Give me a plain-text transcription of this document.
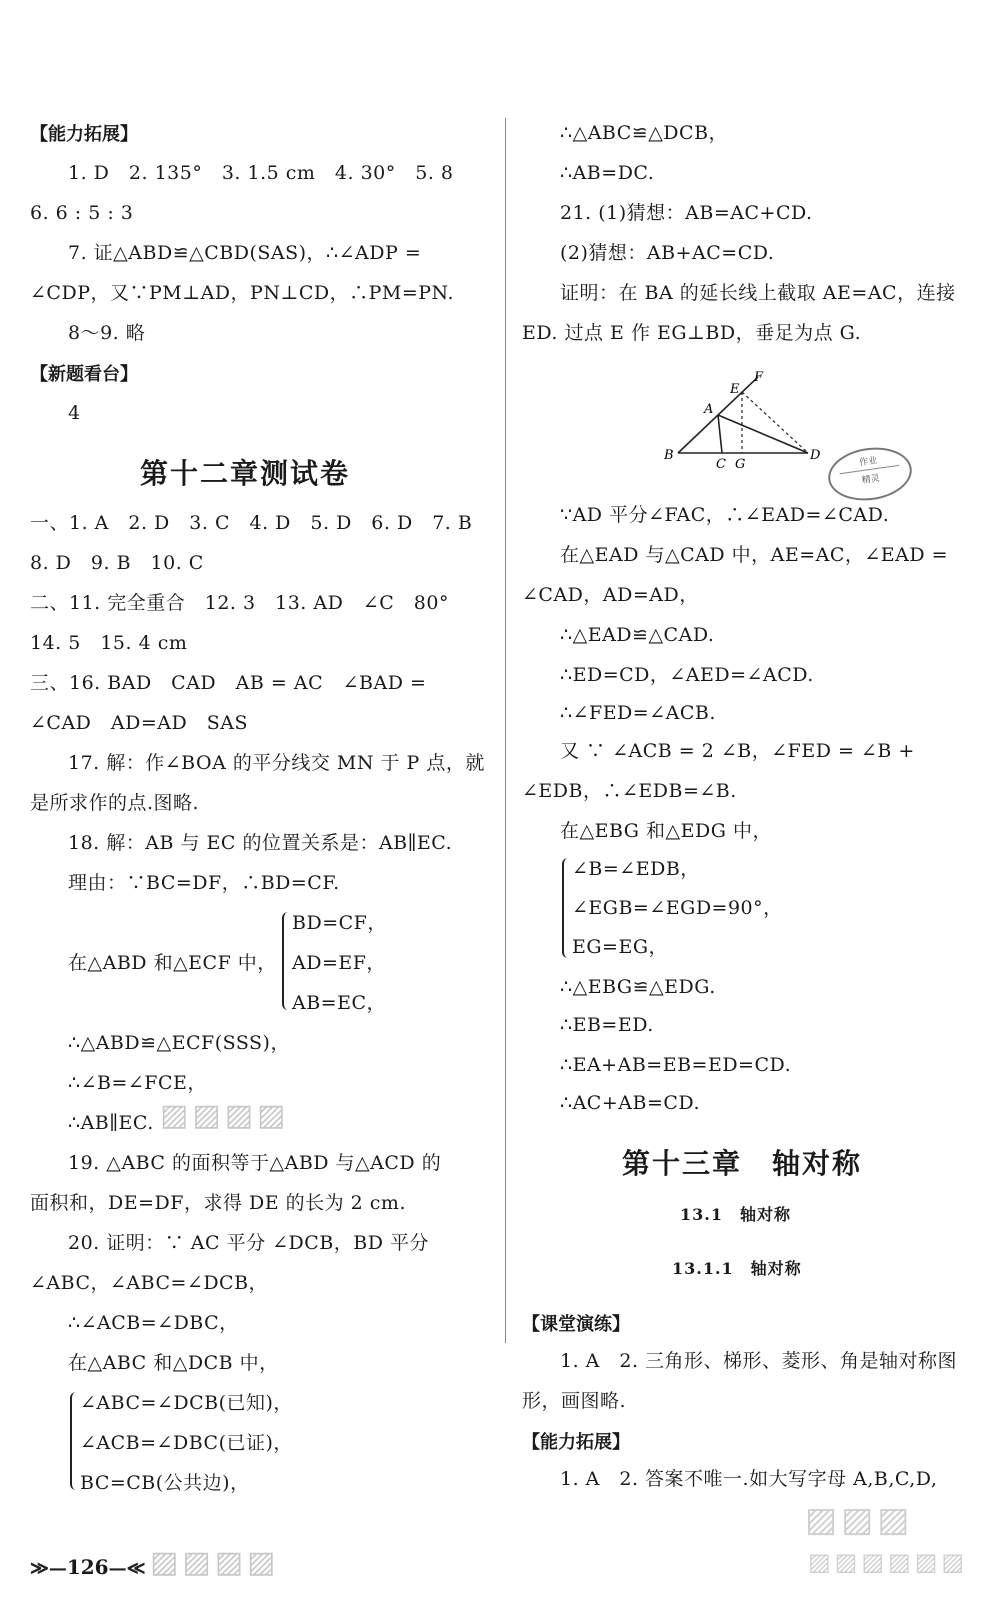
【能力拓展】
1. D　2. 135°　3. 1.5 cm　4. 30°　5. 8
6. 6 : 5 : 3
7. 证△ABD≌△CBD(SAS)，∴∠ADP =
∠CDP，又∵PM⊥AD，PN⊥CD，∴PM=PN.
8～9. 略
【新题看台】
4
第十二章测试卷
一、1. A　2. D　3. C　4. D　5. D　6. D　7. B
8. D　9. B　10. C
二、11. 完全重合　12. 3　13. AD　∠C　80°
14. 5　15. 4 cm
三、16. BAD　CAD　AB = AC　∠BAD =
∠CAD　AD=AD　SAS
17. 解：作∠BOA 的平分线交 MN 于 P 点，就
是所求作的点.图略.
18. 解：AB 与 EC 的位置关系是：AB∥EC.
理由：∵BC=DF，∴BD=CF.
BD=CF，
在△ABD 和△ECF 中， AD=EF，
AB=EC，
∴△ABD≌△ECF(SSS)，
∴∠B=∠FCE，
∴AB∥EC.
19. △ABC 的面积等于△ABD 与△ACD 的
面积和，DE=DF，求得 DE 的长为 2 cm.
20. 证明：∵ AC 平分 ∠DCB，BD 平分
∠ABC，∠ABC=∠DCB，
∴∠ACB=∠DBC，
在△ABC 和△DCB 中，
∠ABC=∠DCB(已知)，
∠ACB=∠DBC(已证)，
BC=CB(公共边)，
▨▨▨▨
▨▨▨▨
≫—126—≪
∴△ABC≌△DCB，
∴AB=DC.
21. (1)猜想：AB=AC+CD.
(2)猜想：AB+AC=CD.
证明：在 BA 的延长线上截取 AE=AC，连接
ED. 过点 E 作 EG⊥BD，垂足为点 G.
B
C G
D
A
E
F
作业
精灵
∵AD 平分∠FAC，∴∠EAD=∠CAD.
在△EAD 与△CAD 中，AE=AC，∠EAD =
∠CAD，AD=AD，
∴△EAD≌△CAD.
∴ED=CD，∠AED=∠ACD.
∴∠FED=∠ACB.
又 ∵ ∠ACB = 2 ∠B，∠FED = ∠B +
∠EDB，∴∠EDB=∠B.
在△EBG 和△EDG 中，
∠B=∠EDB，
∠EGB=∠EGD=90°，
EG=EG，
∴△EBG≌△EDG.
∴EB=ED.
∴EA+AB=EB=ED=CD.
∴AC+AB=CD.
第十三章　轴对称
13.1　轴对称
13.1.1　轴对称
【课堂演练】
1. A　2. 三角形、梯形、菱形、角是轴对称图
形，画图略.
【能力拓展】
1. A　2. 答案不唯一.如大写字母 A,B,C,D,
▨▨▨
▨▨▨▨▨▨
